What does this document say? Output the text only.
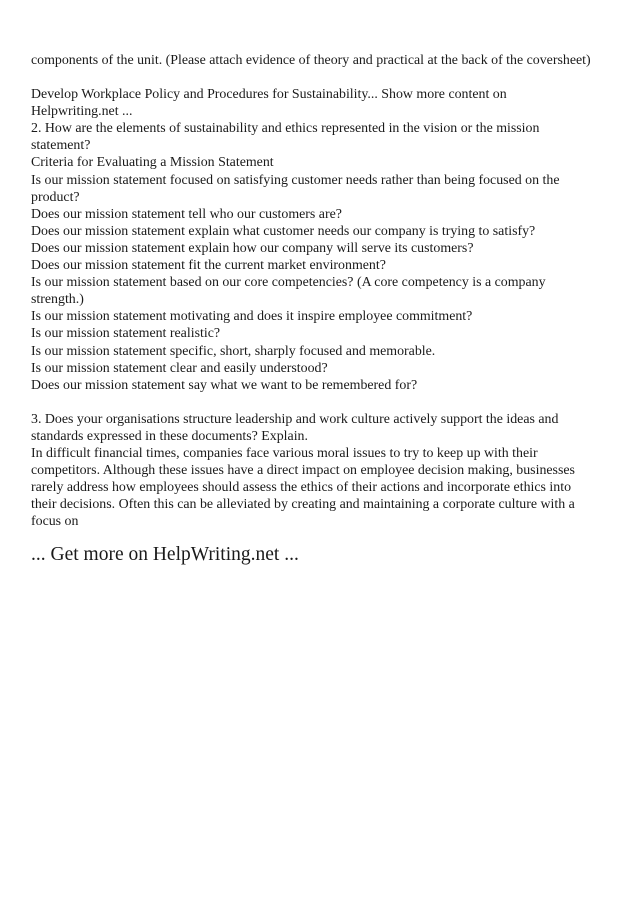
components of the unit. (Please attach evidence of theory and practical at the back of the coversheet)

Develop Workplace Policy and Procedures for Sustainability... Show more content on

Helpwriting.net ...

2. How are the elements of sustainability and ethics represented in the vision or the mission

statement?

Criteria for Evaluating a Mission Statement

Is our mission statement focused on satisfying customer needs rather than being focused on the

product?

Does our mission statement tell who our customers are?

Does our mission statement explain what customer needs our company is trying to satisfy?

Does our mission statement explain how our company will serve its customers?

Does our mission statement fit the current market environment?

Is our mission statement based on our core competencies? (A core competency is a company

strength.)

Is our mission statement motivating and does it inspire employee commitment?

Is our mission statement realistic?

Is our mission statement specific, short, sharply focused and memorable.

Is our mission statement clear and easily understood?

Does our mission statement say what we want to be remembered for?

3. Does your organisations structure leadership and work culture actively support the ideas and

standards expressed in these documents? Explain.

In difficult financial times, companies face various moral issues to try to keep up with their

competitors. Although these issues have a direct impact on employee decision making, businesses

rarely address how employees should assess the ethics of their actions and incorporate ethics into

their decisions. Often this can be alleviated by creating and maintaining a corporate culture with a

focus on

... Get more on HelpWriting.net ...
